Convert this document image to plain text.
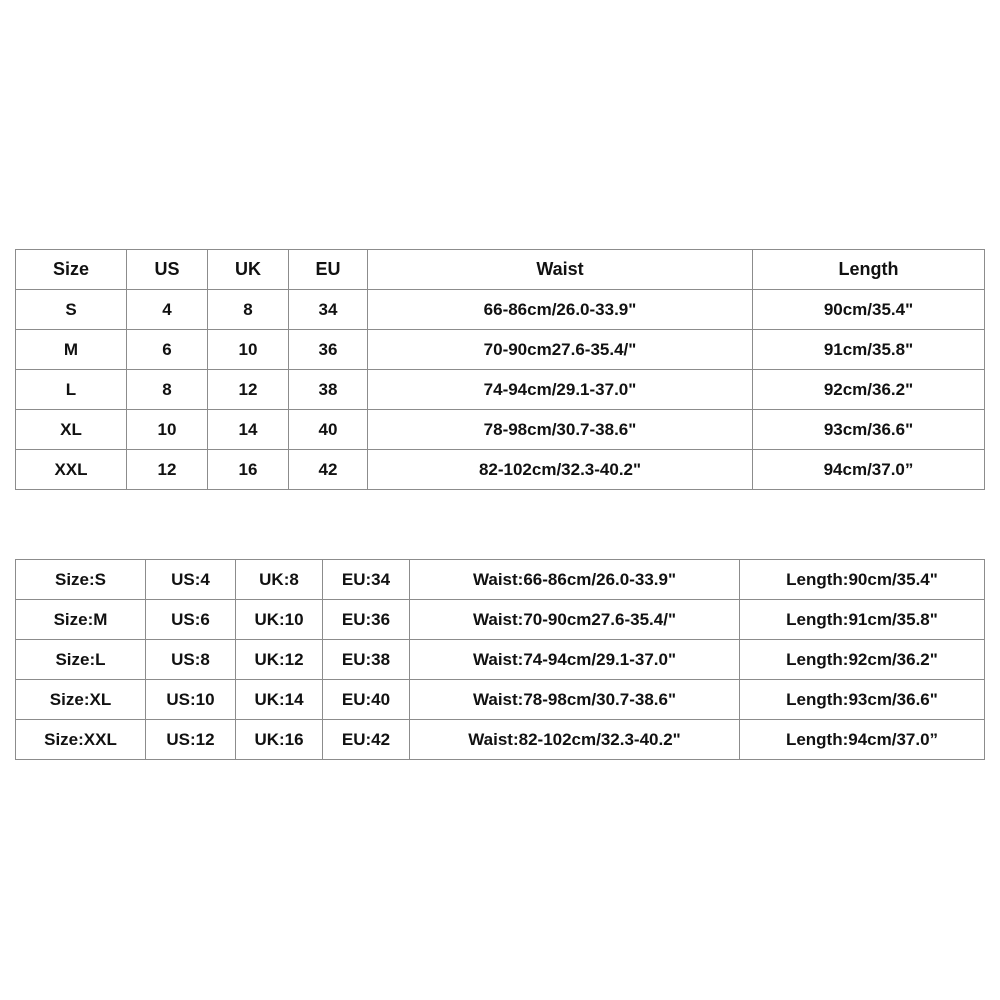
Size	US	UK	EU	Waist	Length
S	4	8	34	66-86cm/26.0-33.9"	90cm/35.4"
M	6	10	36	70-90cm27.6-35.4/"	91cm/35.8"
L	8	12	38	74-94cm/29.1-37.0"	92cm/36.2"
XL	10	14	40	78-98cm/30.7-38.6"	93cm/36.6"
XXL	12	16	42	82-102cm/32.3-40.2"	94cm/37.0”
Size:S	US:4	UK:8	EU:34	Waist:66-86cm/26.0-33.9"	Length:90cm/35.4"
Size:M	US:6	UK:10	EU:36	Waist:70-90cm27.6-35.4/"	Length:91cm/35.8"
Size:L	US:8	UK:12	EU:38	Waist:74-94cm/29.1-37.0"	Length:92cm/36.2"
Size:XL	US:10	UK:14	EU:40	Waist:78-98cm/30.7-38.6"	Length:93cm/36.6"
Size:XXL	US:12	UK:16	EU:42	Waist:82-102cm/32.3-40.2"	Length:94cm/37.0”
